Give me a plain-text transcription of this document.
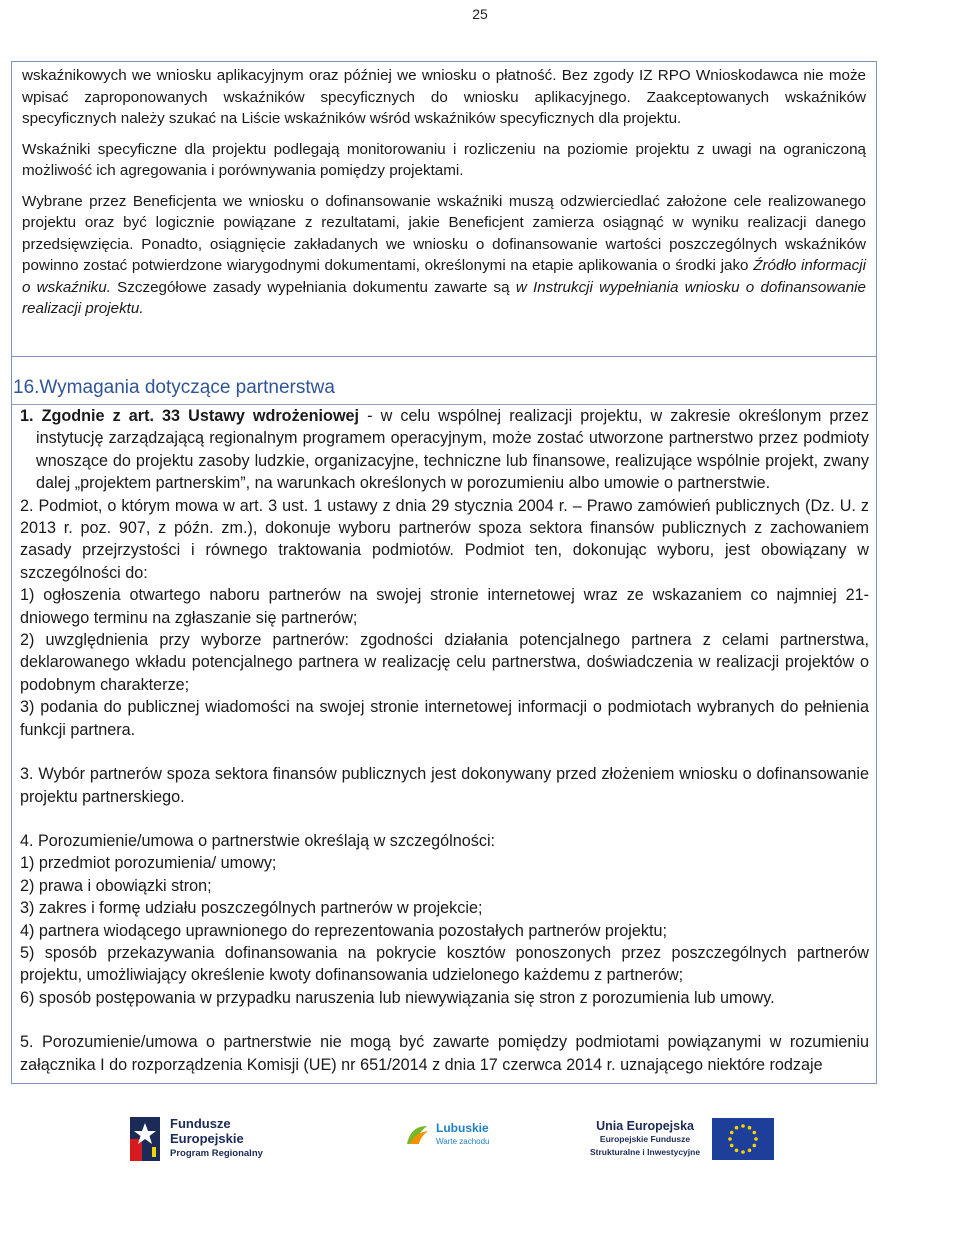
25

wskaźnikowych we wniosku aplikacyjnym oraz później we wniosku o płatność. Bez zgody IZ RPO Wnioskodawca nie może wpisać zaproponowanych wskaźników specyficznych do wniosku aplikacyjnego. Zaakceptowanych wskaźników specyficznych należy szukać na Liście wskaźników wśród wskaźników specyficznych dla projektu.

Wskaźniki specyficzne dla projektu podlegają monitorowaniu i rozliczeniu na poziomie projektu z uwagi na ograniczoną możliwość ich agregowania i porównywania pomiędzy projektami.

Wybrane przez Beneficjenta we wniosku o dofinansowanie wskaźniki muszą odzwierciedlać założone cele realizowanego projektu oraz być logicznie powiązane z rezultatami, jakie Beneficjent zamierza osiągnąć w wyniku realizacji danego przedsięwzięcia. Ponadto, osiągnięcie zakładanych we wniosku o dofinansowanie wartości poszczególnych wskaźników powinno zostać potwierdzone wiarygodnymi dokumentami, określonymi na etapie aplikowania o środki jako Źródło informacji o wskaźniku. Szczegółowe zasady wypełniania dokumentu zawarte są w Instrukcji wypełniania wniosku o dofinansowanie realizacji projektu.

16.Wymagania dotyczące partnerstwa

1. Zgodnie z art. 33 Ustawy wdrożeniowej - w celu wspólnej realizacji projektu, w zakresie określonym przez instytucję zarządzającą regionalnym programem operacyjnym, może zostać utworzone partnerstwo przez podmioty wnoszące do projektu zasoby ludzkie, organizacyjne, techniczne lub finansowe, realizujące wspólnie projekt, zwany dalej „projektem partnerskim”, na warunkach określonych w porozumieniu albo umowie o partnerstwie.

2. Podmiot, o którym mowa w art. 3 ust. 1 ustawy z dnia 29 stycznia 2004 r. – Prawo zamówień publicznych (Dz. U. z 2013 r. poz. 907, z późn. zm.), dokonuje wyboru partnerów spoza sektora finansów publicznych z zachowaniem zasady przejrzystości i równego traktowania podmiotów. Podmiot ten, dokonując wyboru, jest obowiązany w szczególności do:

1) ogłoszenia otwartego naboru partnerów na swojej stronie internetowej wraz ze wskazaniem co najmniej 21-dniowego terminu na zgłaszanie się partnerów;

2) uwzględnienia przy wyborze partnerów: zgodności działania potencjalnego partnera z celami partnerstwa, deklarowanego wkładu potencjalnego partnera w realizację celu partnerstwa, doświadczenia w realizacji projektów o podobnym charakterze;

3) podania do publicznej wiadomości na swojej stronie internetowej informacji o podmiotach wybranych do pełnienia funkcji partnera.

3. Wybór partnerów spoza sektora finansów publicznych jest dokonywany przed złożeniem wniosku o dofinansowanie projektu partnerskiego.

4. Porozumienie/umowa o partnerstwie określają w szczególności:

1) przedmiot porozumienia/ umowy;

2) prawa i obowiązki stron;

3) zakres i formę udziału poszczególnych partnerów w projekcie;

4) partnera wiodącego uprawnionego do reprezentowania pozostałych partnerów projektu;

5) sposób przekazywania dofinansowania na pokrycie kosztów ponoszonych przez poszczególnych partnerów projektu, umożliwiający określenie kwoty dofinansowania udzielonego każdemu z partnerów;

6) sposób postępowania w przypadku naruszenia lub niewywiązania się stron z porozumienia lub umowy.

5. Porozumienie/umowa o partnerstwie nie mogą być zawarte pomiędzy podmiotami powiązanymi w rozumieniu załącznika I do rozporządzenia Komisji (UE) nr 651/2014 z dnia 17 czerwca 2014 r. uznającego niektóre rodzaje

Fundusze
Europejskie
Program Regionalny
Lubuskie
Warte zachodu
Unia Europejska
Europejskie Fundusze
Strukturalne i Inwestycyjne
